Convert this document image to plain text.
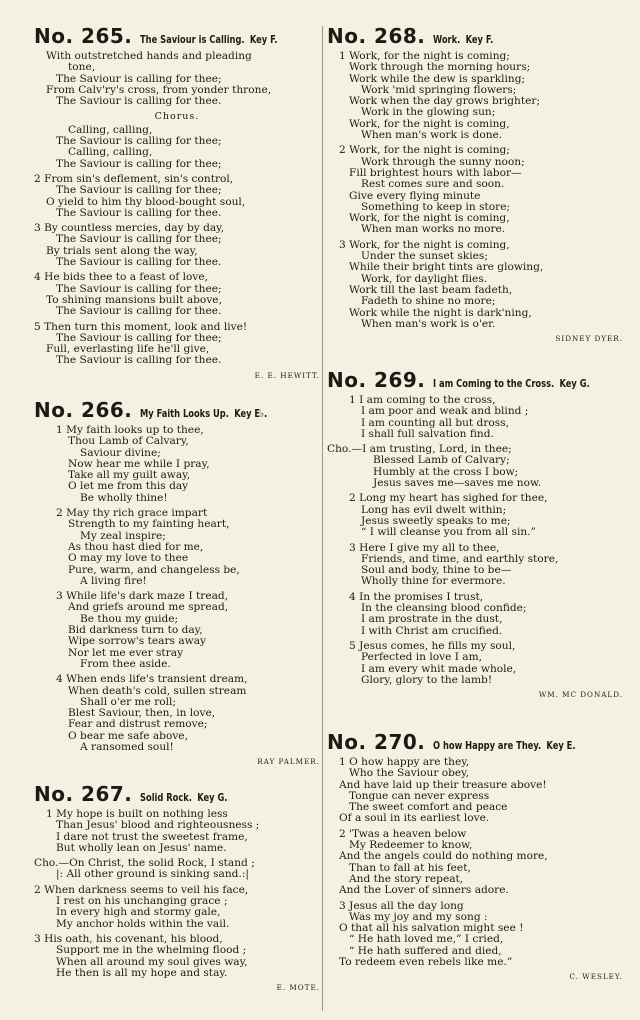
No. 265. The Saviour is Calling. Key F.
With outstretched hands and pleading
tone,
The Saviour is calling for thee;
From Calv'ry's cross, from yonder throne,
The Saviour is calling for thee.
Chorus.
Calling, calling,
The Saviour is calling for thee;
Calling, calling,
The Saviour is calling for thee;
2 From sin's deflement, sin's control,
The Saviour is calling for thee;
O yield to him thy blood-bought soul,
The Saviour is calling for thee.
3 By countless mercies, day by day,
The Saviour is calling for thee;
By trials sent along the way,
The Saviour is calling for thee.
4 He bids thee to a feast of love,
The Saviour is calling for thee;
To shining mansions built above,
The Saviour is calling for thee.
5 Then turn this moment, look and live!
The Saviour is calling for thee;
Full, everlasting life he'll give,
The Saviour is calling for thee.
E. E. HEWITT.
No. 266. My Faith Looks Up. Key E♭.
1 My faith looks up to thee,
Thou Lamb of Calvary,
Saviour divine;
Now hear me while I pray,
Take all my guilt away,
O let me from this day
Be wholly thine!
2 May thy rich grace impart
Strength to my fainting heart,
My zeal inspire;
As thou hast died for me,
O may my love to thee
Pure, warm, and changeless be,
A living fire!
3 While life's dark maze I tread,
And griefs around me spread,
Be thou my guide;
Bid darkness turn to day,
Wipe sorrow's tears away
Nor let me ever stray
From thee aside.
4 When ends life's transient dream,
When death's cold, sullen stream
Shall o'er me roll;
Blest Saviour, then, in love,
Fear and distrust remove;
O bear me safe above,
A ransomed soul!
RAY PALMER.
No. 267. Solid Rock. Key G.
1 My hope is built on nothing less
Than Jesus' blood and righteousness ;
I dare not trust the sweetest frame,
But wholly lean on Jesus' name.
Cho.—On Christ, the solid Rock, I stand ;
|: All other ground is sinking sand.:|
2 When darkness seems to veil his face,
I rest on his unchanging grace ;
In every high and stormy gale,
My anchor holds within the vail.
3 His oath, his covenant, his blood,
Support me in the whelming flood ;
When all around my soul gives way,
He then is all my hope and stay.
E. MOTE.
No. 268. Work. Key F.
1 Work, for the night is coming;
Work through the morning hours;
Work while the dew is sparkling;
Work 'mid springing flowers;
Work when the day grows brighter;
Work in the glowing sun;
Work, for the night is coming,
When man's work is done.
2 Work, for the night is coming;
Work through the sunny noon;
Fill brightest hours with labor—
Rest comes sure and soon.
Give every flying minute
Something to keep in store;
Work, for the night is coming,
When man works no more.
3 Work, for the night is coming,
Under the sunset skies;
While their bright tints are glowing,
Work, for daylight flies.
Work till the last beam fadeth,
Fadeth to shine no more;
Work while the night is dark'ning,
When man's work is o'er.
SIDNEY DYER.
No. 269. I am Coming to the Cross. Key G.
1 I am coming to the cross,
I am poor and weak and blind ;
I am counting all but dross,
I shall full salvation find.
Cho.—I am trusting, Lord, in thee;
Blessed Lamb of Calvary;
Humbly at the cross I bow;
Jesus saves me—saves me now.
2 Long my heart has sighed for thee,
Long has evil dwelt within;
Jesus sweetly speaks to me;
“ I will cleanse you from all sin.”
3 Here I give my all to thee,
Friends, and time, and earthly store,
Soul and body, thine to be—
Wholly thine for evermore.
4 In the promises I trust,
In the cleansing blood confide;
I am prostrate in the dust,
I with Christ am crucified.
5 Jesus comes, he fills my soul,
Perfected in love I am,
I am every whit made whole,
Glory, glory to the lamb!
WM. MC DONALD.
No. 270. O how Happy are They. Key E.
1 O how happy are they,
Who the Saviour obey,
And have laid up their treasure above!
Tongue can never express
The sweet comfort and peace
Of a soul in its earliest love.
2 'Twas a heaven below
My Redeemer to know,
And the angels could do nothing more,
Than to fall at his feet,
And the story repeat,
And the Lover of sinners adore.
3 Jesus all the day long
Was my joy and my song :
O that all his salvation might see !
“ He hath loved me,” I cried,
“ He hath suffered and died,
To redeem even rebels like me.”
C. WESLEY.
